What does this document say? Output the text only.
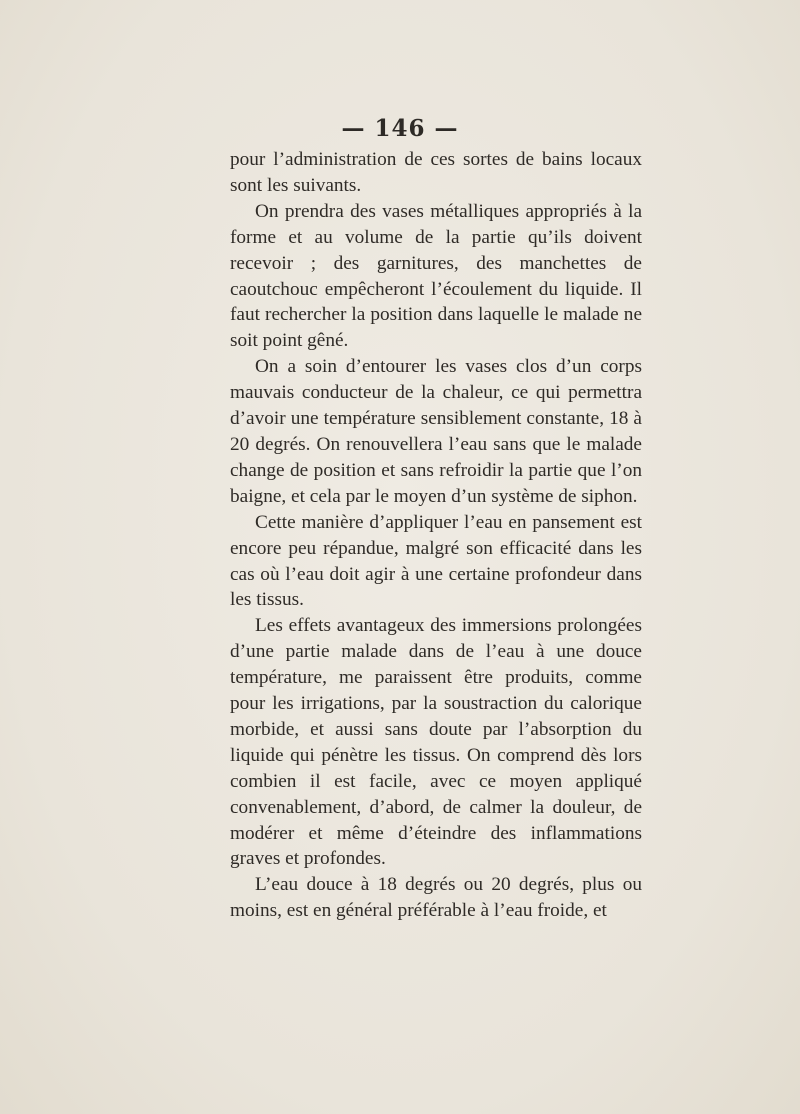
— 146 —

pour l’administration de ces sortes de bains locaux sont les suivants.

On prendra des vases métalliques appropriés à la forme et au volume de la partie qu’ils doivent recevoir ; des garnitures, des manchettes de caoutchouc empêcheront l’écoulement du liquide. Il faut rechercher la position dans laquelle le malade ne soit point gêné.

On a soin d’entourer les vases clos d’un corps mauvais conducteur de la chaleur, ce qui permettra d’avoir une température sensiblement constante, 18 à 20 degrés. On renouvellera l’eau sans que le malade change de position et sans refroidir la partie que l’on baigne, et cela par le moyen d’un système de siphon.

Cette manière d’appliquer l’eau en pansement est encore peu répandue, malgré son efficacité dans les cas où l’eau doit agir à une certaine profondeur dans les tissus.

Les effets avantageux des immersions prolongées d’une partie malade dans de l’eau à une douce température, me paraissent être produits, comme pour les irrigations, par la soustraction du calorique morbide, et aussi sans doute par l’absorption du liquide qui pénètre les tissus. On comprend dès lors combien il est facile, avec ce moyen appliqué convenablement, d’abord, de calmer la douleur, de modérer et même d’éteindre des inflammations graves et profondes.

L’eau douce à 18 degrés ou 20 degrés, plus ou moins, est en général préférable à l’eau froide, et
